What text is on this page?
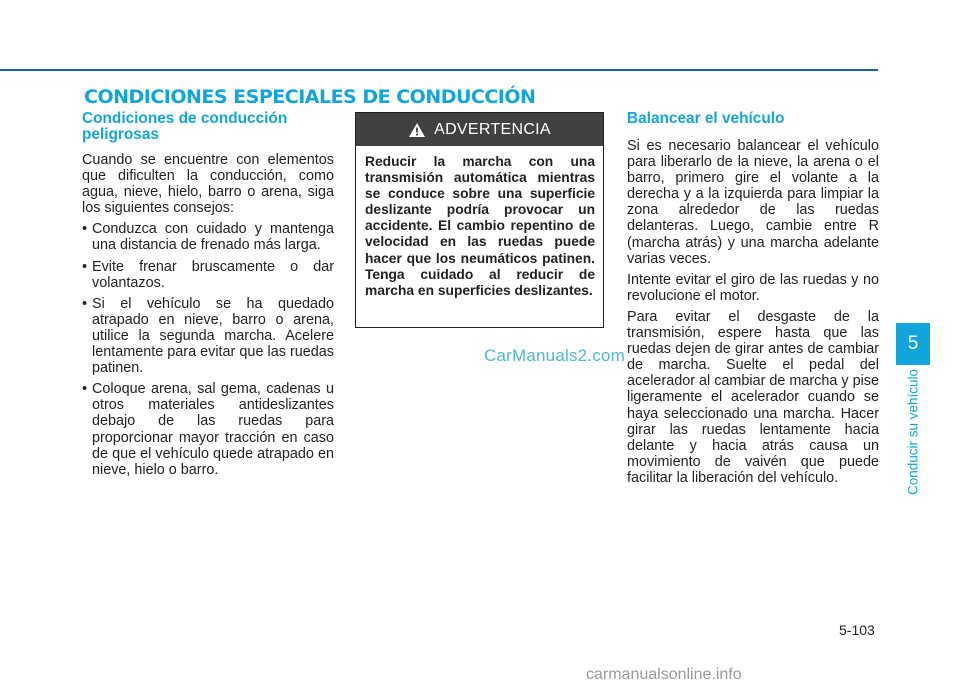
CONDICIONES ESPECIALES DE CONDUCCIÓN
Condiciones de conducción peligrosas

Cuando se encuentre con elementos que dificulten la conducción, como agua, nieve, hielo, barro o arena, siga los siguientes consejos:

• Conduzca con cuidado y mantenga una distancia de frenado más larga.
• Evite frenar bruscamente o dar volantazos.
• Si el vehículo se ha quedado atrapado en nieve, barro o arena, utilice la segunda marcha. Acelere lentamente para evitar que las ruedas patinen.
• Coloque arena, sal gema, cadenas u otros materiales antideslizantes debajo de las ruedas para proporcionar mayor tracción en caso de que el vehículo quede atrapado en nieve, hielo o barro.
ADVERTENCIA
Reducir la marcha con una transmisión automática mientras se conduce sobre una superficie deslizante podría provocar un accidente. El cambio repentino de velocidad en las ruedas puede hacer que los neumáticos patinen. Tenga cuidado al reducir de marcha en superficies deslizantes.
CarManuals2.com
Balancear el vehículo

Si es necesario balancear el vehículo para liberarlo de la nieve, la arena o el barro, primero gire el volante a la derecha y a la izquierda para limpiar la zona alrededor de las ruedas delanteras. Luego, cambie entre R (marcha atrás) y una marcha adelante varias veces.

Intente evitar el giro de las ruedas y no revolucione el motor.

Para evitar el desgaste de la transmisión, espere hasta que las ruedas dejen de girar antes de cambiar de marcha. Suelte el pedal del acelerador al cambiar de marcha y pise ligeramente el acelerador cuando se haya seleccionado una marcha. Hacer girar las ruedas lentamente hacia delante y hacia atrás causa un movimiento de vaivén que puede facilitar la liberación del vehículo.

5
Conducir su vehículo
5-103
carmanualsonline.info
